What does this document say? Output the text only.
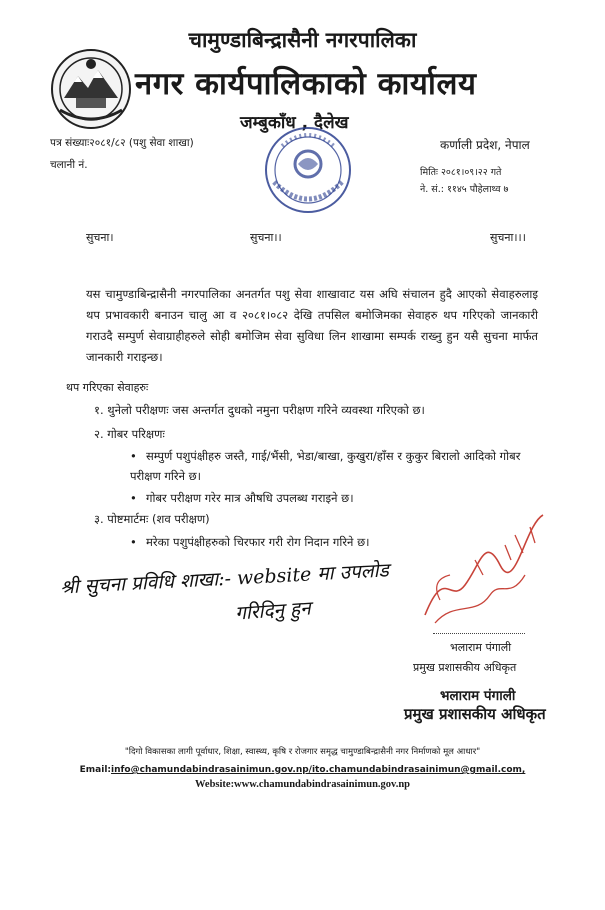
चामुण्डाबिन्द्रासैनी नगरपालिका
नगर कार्यपालिकाको कार्यालय
जम्बुकाँध , दैलेख
पत्र संख्याः२०८१/८२ (पशु सेवा शाखा)
चलानी नं.
कर्णाली प्रदेश, नेपाल
मितिः २०८१।०९।२२ गते
ने. सं.: ११४५ पौहेलाथ्व ७
सुचना।	सुचना।।	सुचना।।।
यस चामुण्डाबिन्द्रासैनी नगरपालिका अनतर्गत पशु सेवा शाखावाट यस अघि संचालन हुदै आएको सेवाहरुलाइ थप प्रभावकारी बनाउन चालु आ व २०८१।०८२ देखि तपसिल बमोजिमका सेवाहरु थप गरिएको जानकारी गराउदै सम्पुर्ण सेवाग्राहीहरुले सोही बमोजिम सेवा सुविधा लिन शाखामा सम्पर्क राख्नु हुन यसै सुचना मार्फत जानकारी गराइन्छ।
थप गरिएका सेवाहरुः
१. थुनेलो परीक्षणः जस अन्तर्गत दुधको नमुना परीक्षण गरिने व्यवस्था गरिएको छ।
२. गोबर परिक्षणः
• सम्पुर्ण पशुपंक्षीहरु जस्तै, गाई/भैंसी, भेडा/बाखा, कुखुरा/हाँस र कुकुर बिरालो आदिको गोबर परीक्षण गरिने छ।
• गोबर परीक्षण गरेर मात्र औषधि उपलब्ध गराइने छ।
३. पोष्टमार्टमः (शव परीक्षण)
• मरेका पशुपंक्षीहरुको चिरफार गरी रोग निदान गरिने छ।
श्री सुचना प्रविधि शाखा:- website मा उपलोड
गरिदिनु हुन
भलाराम पंगाली
प्रमुख प्रशासकीय अधिकृत
भलाराम पंगाली
प्रमुख प्रशासकीय अधिकृत
"दिगो विकासका लागी पूर्वाधार, शिक्षा, स्वास्थ्य, कृषि र रोजगार समृद्ध चामुण्डाबिन्द्रासैनी नगर निर्माणको मूल आधार"
Email:info@chamundabindrasainimun.gov.np/ito.chamundabindrasainimun@gmail.com,
Website:www.chamundabindrasainimun.gov.np
